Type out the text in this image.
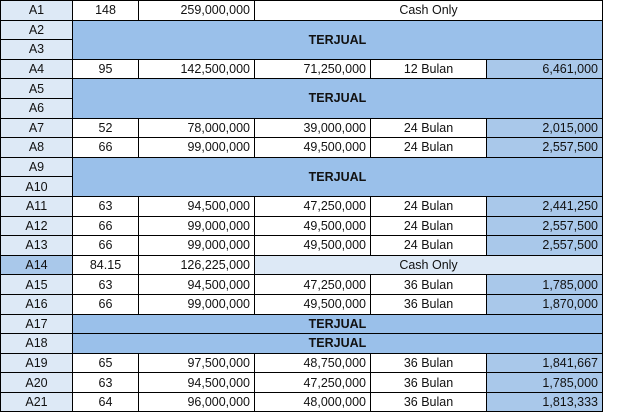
A1	148	259,000,000	Cash Only		
A2	TERJUAL				
A3					
A4	95	142,500,000	71,250,000	12 Bulan	6,461,000
A5	TERJUAL				
A6					
A7	52	78,000,000	39,000,000	24 Bulan	2,015,000
A8	66	99,000,000	49,500,000	24 Bulan	2,557,500
A9	TERJUAL				
A10					
A11	63	94,500,000	47,250,000	24 Bulan	2,441,250
A12	66	99,000,000	49,500,000	24 Bulan	2,557,500
A13	66	99,000,000	49,500,000	24 Bulan	2,557,500
A14	84.15	126,225,000	Cash Only		
A15	63	94,500,000	47,250,000	36 Bulan	1,785,000
A16	66	99,000,000	49,500,000	36 Bulan	1,870,000
A17	TERJUAL				
A18	TERJUAL				
A19	65	97,500,000	48,750,000	36 Bulan	1,841,667
A20	63	94,500,000	47,250,000	36 Bulan	1,785,000
A21	64	96,000,000	48,000,000	36 Bulan	1,813,333
